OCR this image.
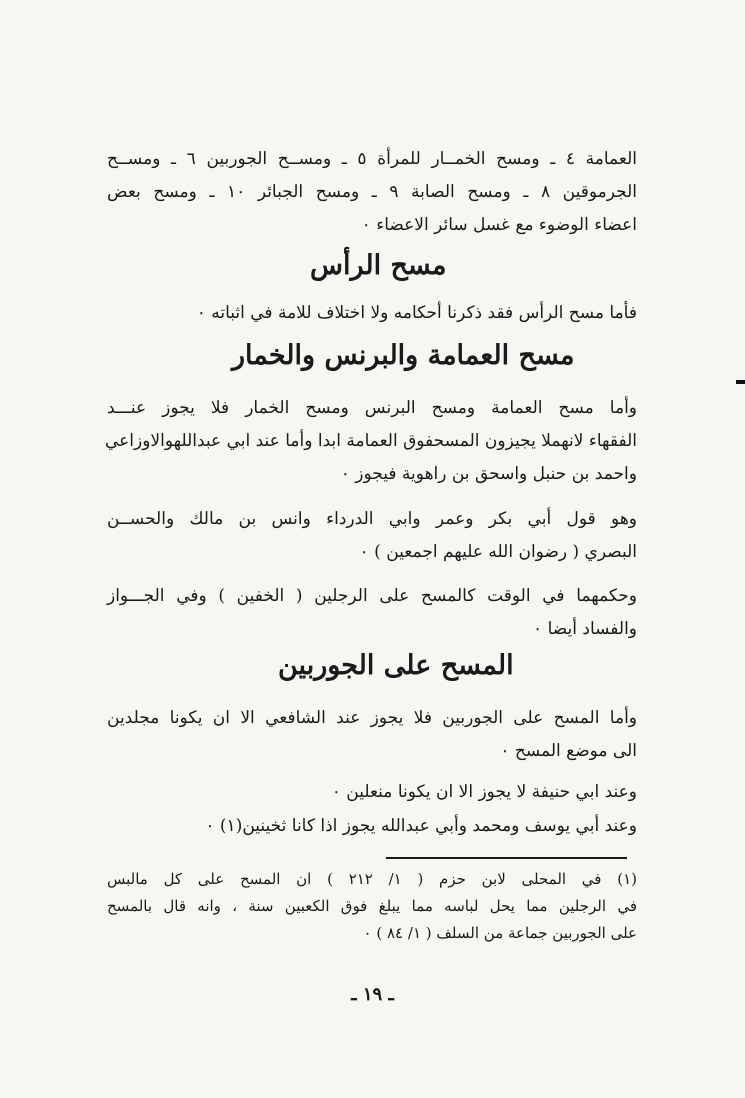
العمامة ٤ ـ ومسح الخمــار للمرأة ٥ ـ ومســح الجوربين ٦ ـ ومســح
الجرموقين ٨ ـ ومسح الصابة ٩ ـ ومسح الجبائر ١٠ ـ ومسح بعض
اعضاء الوضوء مع غسل سائر الاعضاء ٠
مسح الرأس
فأما مسح الرأس فقد ذكرنا أحكامه ولا اختلاف للامة في اثباته ٠
مسح العمامة والبرنس والخمار
وأما مسح العمامة ومسح البرنس ومسح الخمار فلا يجوز عنـــد
الفقهاء لانهملا يجيزون المسحفوق العمامة ابدا وأما عند ابي عبداللهوالاوزاعي
واحمد بن حنبل واسحق بن راهوية فيجوز ٠
وهو قول أبي بكر وعمر وابي الدرداء وانس بن مالك والحســن
البصري ( رضوان الله عليهم اجمعين ) ٠
وحكمهما في الوقت كالمسح على الرجلين ( الخفين ) وفي الجـــواز
والفساد أيضا ٠
المسح على الجوربين
وأما المسح على الجوربين فلا يجوز عند الشافعي الا ان يكونا مجلدين
الى موضع المسح ٠
وعند ابي حنيفة لا يجوز الا ان يكونا منعلين ٠
وعند أبي يوسف ومحمد وأبي عبدالله يجوز اذا كانا ثخينين(١) ٠
(١) في المحلى لابن حزم ( ١/ ٢١٢ ) ان المسح على كل مالبس
في الرجلين مما يحل لباسه مما يبلغ فوق الكعبين سنة ، وانه قال بالمسح
على الجوربين جماعة من السلف ( ١/ ٨٤ ) ٠
ـ ١٩ ـ
